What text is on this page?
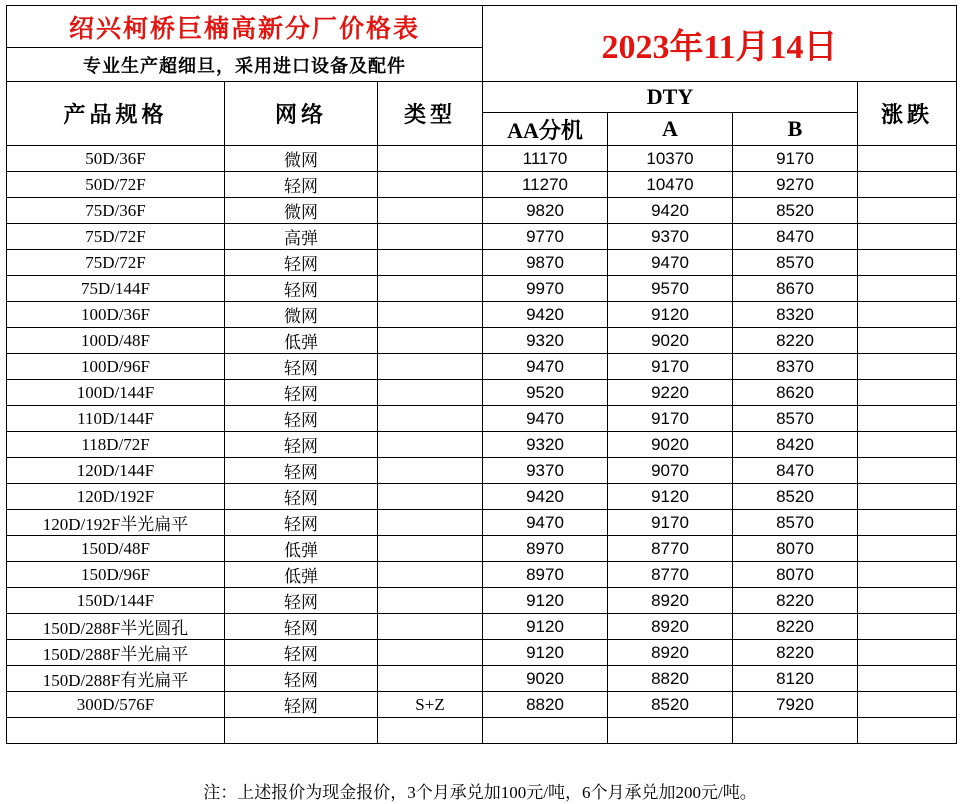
绍兴柯桥巨楠高新分厂价格表			2023年11月14日			
专业生产超细旦，采用进口设备及配件						
产品规格	网络	类型	DTY			涨跌
			AA分机	A	B	
50D/36F	微网		11170	10370	9170	
50D/72F	轻网		11270	10470	9270	
75D/36F	微网		9820	9420	8520	
75D/72F	高弹		9770	9370	8470	
75D/72F	轻网		9870	9470	8570	
75D/144F	轻网		9970	9570	8670	
100D/36F	微网		9420	9120	8320	
100D/48F	低弹		9320	9020	8220	
100D/96F	轻网		9470	9170	8370	
100D/144F	轻网		9520	9220	8620	
110D/144F	轻网		9470	9170	8570	
118D/72F	轻网		9320	9020	8420	
120D/144F	轻网		9370	9070	8470	
120D/192F	轻网		9420	9120	8520	
120D/192F半光扁平	轻网		9470	9170	8570	
150D/48F	低弹		8970	8770	8070	
150D/96F	低弹		8970	8770	8070	
150D/144F	轻网		9120	8920	8220	
150D/288F半光圆孔	轻网		9120	8920	8220	
150D/288F半光扁平	轻网		9120	8920	8220	
150D/288F有光扁平	轻网		9020	8820	8120	
300D/576F	轻网	S+Z	8820	8520	7920	

注：上述报价为现金报价，3个月承兑加100元/吨，6个月承兑加200元/吨。
